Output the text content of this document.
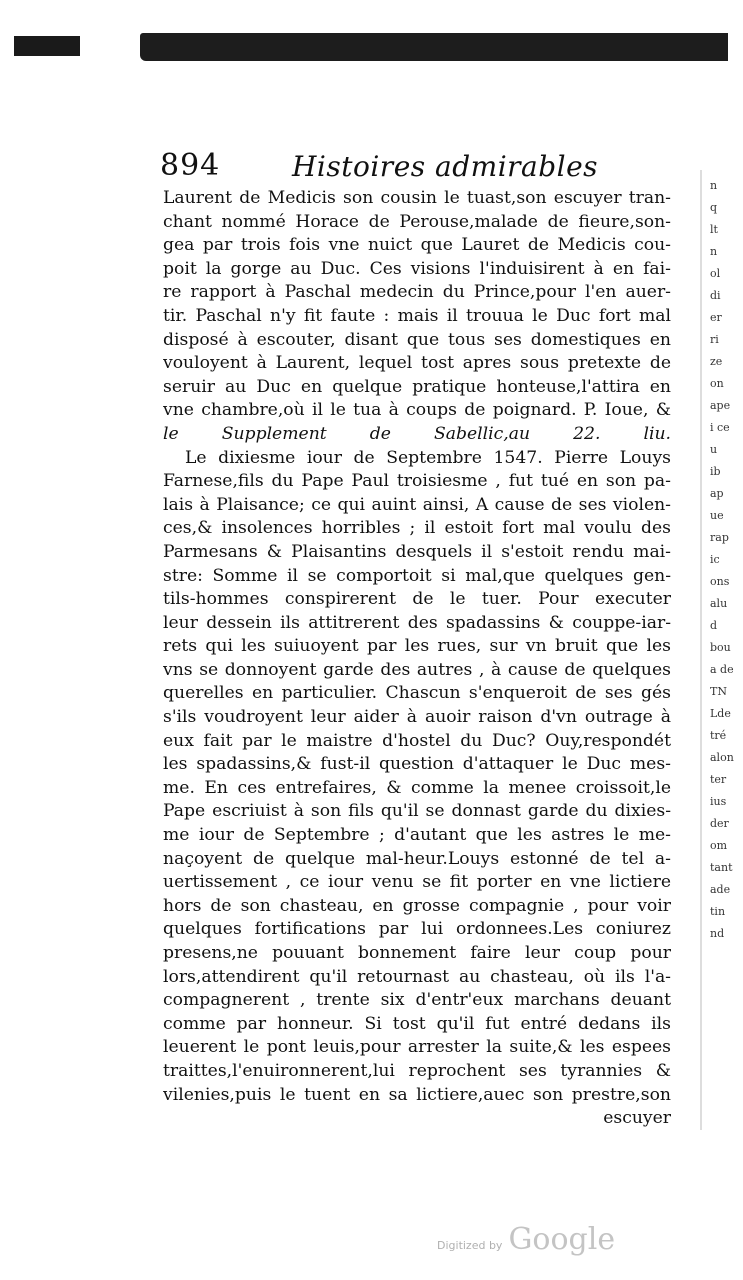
894	Histoires admirables
Laurent de Medicis son cousin le tuast,son escuyer tran-
chant nommé Horace de Perouse,malade de fieure,son-
gea par trois fois vne nuict que Lauret de Medicis cou-
poit la gorge au Duc. Ces visions l'induisirent à en fai-
re rapport à Paschal medecin du Prince,pour l'en auer-
tir. Paschal n'y fit faute : mais il trouua le Duc fort mal
disposé à escouter, disant que tous ses domestiques en
vouloyent à Laurent, lequel tost apres sous pretexte de
seruir au Duc en quelque pratique honteuse,l'attira en
vne chambre,où il le tua à coups de poignard. P. Ioue, &
le Supplement de Sabellic,au 22. liu.
Le dixiesme iour de Septembre 1547. Pierre Louys
Farnese,fils du Pape Paul troisiesme , fut tué en son pa-
lais à Plaisance; ce qui auint ainsi, A cause de ses violen-
ces,& insolences horribles ; il estoit fort mal voulu des
Parmesans & Plaisantins desquels il s'estoit rendu mai-
stre: Somme il se comportoit si mal,que quelques gen-
tils-hommes conspirerent de le tuer. Pour executer
leur dessein ils attitrerent des spadassins & couppe-iar-
rets qui les suiuoyent par les rues, sur vn bruit que les
vns se donnoyent garde des autres , à cause de quelques
querelles en particulier. Chascun s'enqueroit de ses gés
s'ils voudroyent leur aider à auoir raison d'vn outrage à
eux fait par le maistre d'hostel du Duc? Ouy,respondét
les spadassins,& fust-il question d'attaquer le Duc mes-
me. En ces entrefaires, & comme la menee croissoit,le
Pape escriuist à son fils qu'il se donnast garde du dixies-
me iour de Septembre ; d'autant que les astres le me-
naçoyent de quelque mal-heur.Louys estonné de tel a-
uertissement , ce iour venu se fit porter en vne lictiere
hors de son chasteau, en grosse compagnie , pour voir
quelques fortifications par lui ordonnees.Les coniurez
presens,ne pouuant bonnement faire leur coup pour
lors,attendirent qu'il retournast au chasteau, où ils l'a-
compagnerent , trente six d'entr'eux marchans deuant
comme par honneur. Si tost qu'il fut entré dedans ils
leuerent le pont leuis,pour arrester la suite,& les espees
traittes,l'enuironnerent,lui reprochent ses tyrannies &
vilenies,puis le tuent en sa lictiere,auec son prestre,son
escuyer
n
q
lt
n
ol
di
er
ri
ze
on
ape
i ce
u
ib
ap
ue
rap
ic
ons
alu
d
bou
a de
TN
Lde
tré
alon
ter
ius
der
om
tant
ade
tin
nd
Digitized by Google
